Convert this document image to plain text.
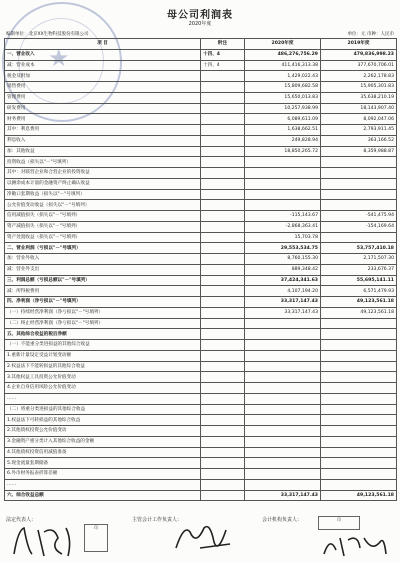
★
母公司利润表
2020年度
编制单位：北京XX生物科技股份有限公司	单位：元 币种：人民币
项 目	附注	2020年度	2019年度
一、营业收入	十四、4	486,276,756.29	479,836,998.23
减：营业成本	十四、4	411,416,313.38	377,670,706.01
税金及附加		1,429,022.43	2,262,178.83
销售费用		15,809,682.58	15,905,301.83
管理费用		15,650,013.83	35,638,210.19
研发费用		10,257,938.99	18,143,907.40
财务费用		6,089,611.09	8,092,047.06
其中：利息费用		1,638,662.51	2,793,911.45
利息收入		249,828.94	363,166.52
加：其他收益		18,850,265.72	8,359,988.87
投资收益（损失以"－"号填列）			
其中：对联营企业和合营企业的投资收益			
以摊余成本计量的金融资产终止确认收益			
净敞口套期收益（损失以"－"号填列）			
公允价值变动收益（损失以"－"号填列）			
信用减值损失（损失以"－"号填列）		-115,143.67	-541,475.94
资产减值损失（损失以"－"号填列）		-2,868,363.41	-154,169.64
资产处置收益（损失以"－"号填列）		15,703.78	
二、营业利润（亏损以"－"号填列）		29,553,534.75	53,757,410.18
加：营业外收入		8,760,155.30	2,171,507.30
减：营业外支出		889,348.42	233,676.37
三、利润总额（亏损总额以"－"号填列）		37,424,341.63	55,695,141.11
减：所得税费用		4,107,194.20	6,571,479.93
四、净利润（净亏损以"－"号填列）		33,317,147.43	49,123,561.18
（一）持续经营净利润（净亏损以"－"号填列）		33,317,147.43	49,123,561.18
（二）终止经营净利润（净亏损以"－"号填列）			
五、其他综合收益的税后净额			
（一）不能重分类进损益的其他综合收益			
1.重新计量设定受益计划变动额			
2.权益法下不能转损益的其他综合收益			
3.其他权益工具投资公允价值变动			
4.企业自身信用风险公允价值变动			
……			
（二）将重分类进损益的其他综合收益			
1.权益法下可转损益的其他综合收益			
2.其他债权投资公允价值变动			
3.金融资产重分类计入其他综合收益的金额			
4.其他债权投资信用减值准备			
5.现金流量套期储备			
6.外币财务报表折算差额			
……			
六、综合收益总额		33,317,147.43	49,123,561.18
法定代表人：	主管会计工作负责人：	会计机构负责人：
印
印
